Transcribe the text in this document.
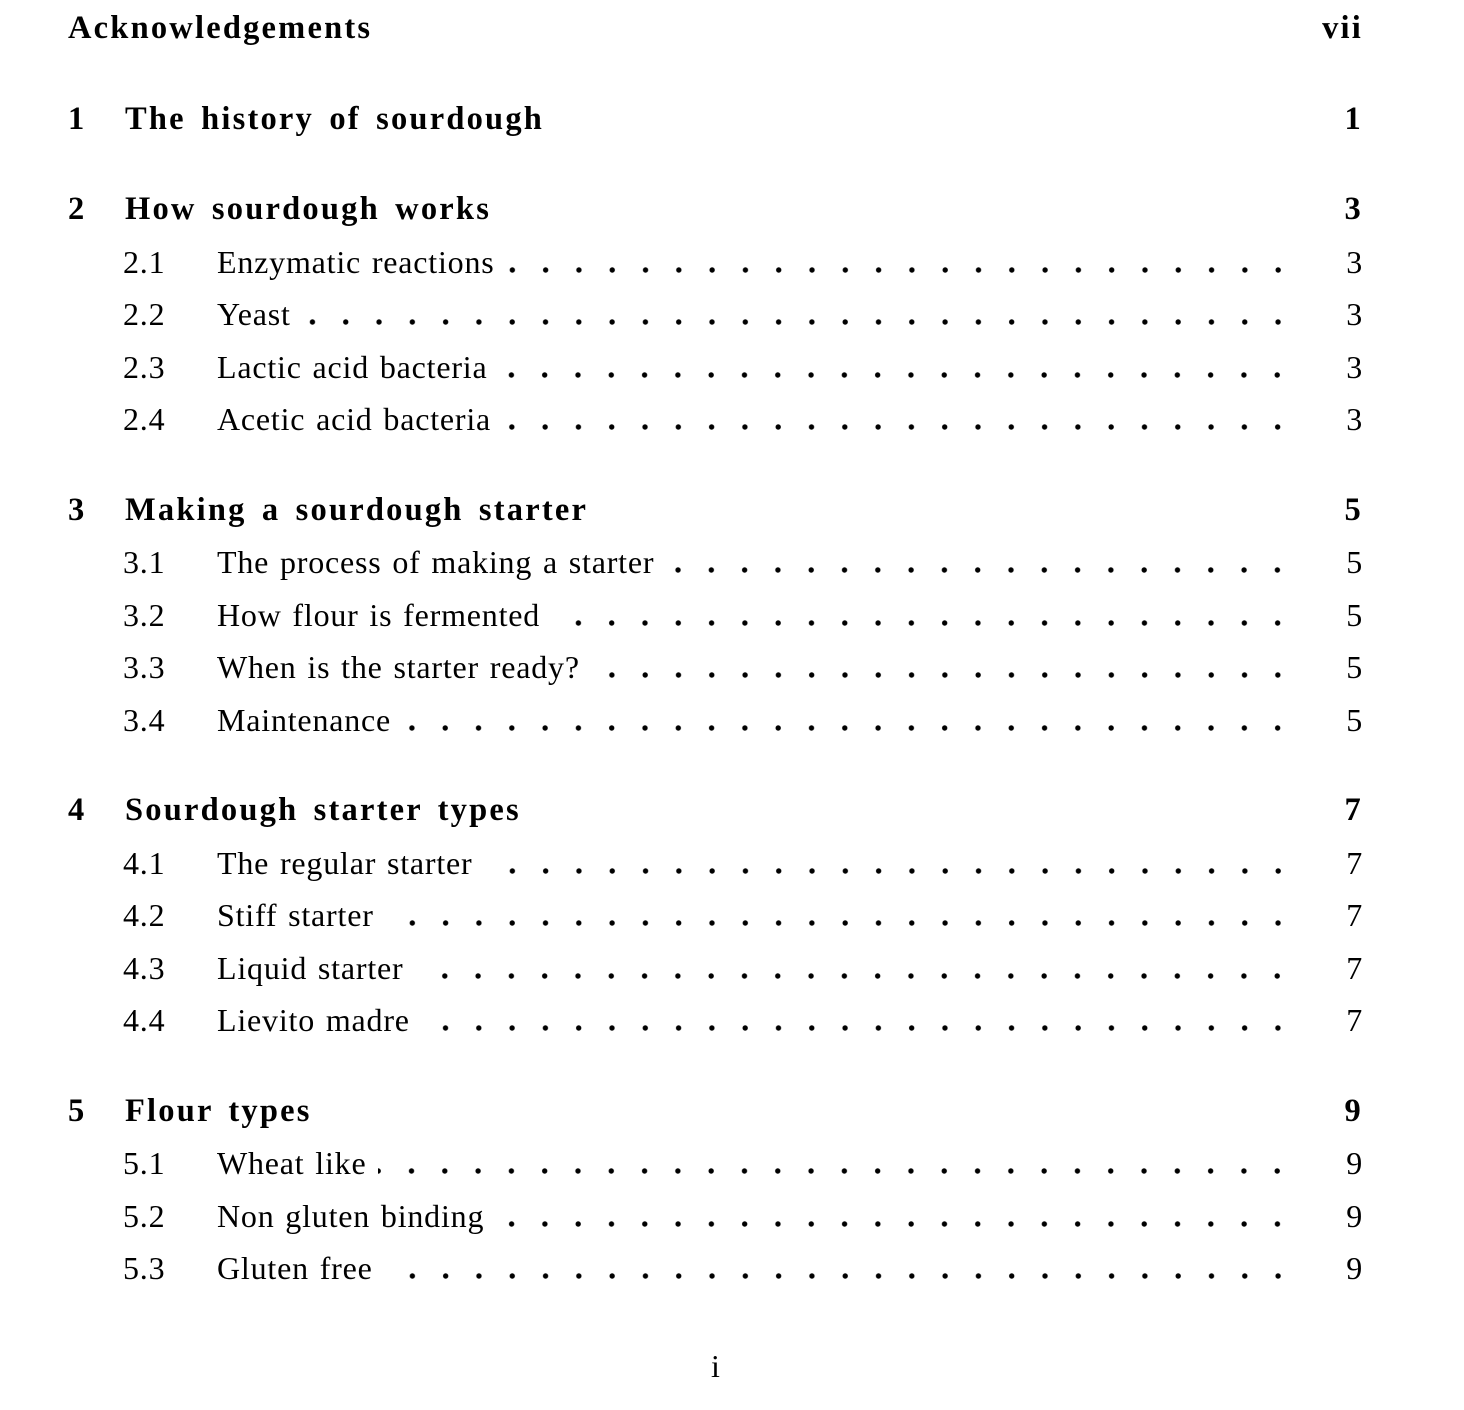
Acknowledgements	vii
1	The history of sourdough	1
2	How sourdough works	3
2.1	Enzymatic reactions	3
2.2	Yeast	3
2.3	Lactic acid bacteria	3
2.4	Acetic acid bacteria	3
3	Making a sourdough starter	5
3.1	The process of making a starter	5
3.2	How flour is fermented	5
3.3	When is the starter ready?	5
3.4	Maintenance	5
4	Sourdough starter types	7
4.1	The regular starter	7
4.2	Stiff starter	7
4.3	Liquid starter	7
4.4	Lievito madre	7
5	Flour types	9
5.1	Wheat like	9
5.2	Non gluten binding	9
5.3	Gluten free	9
i
